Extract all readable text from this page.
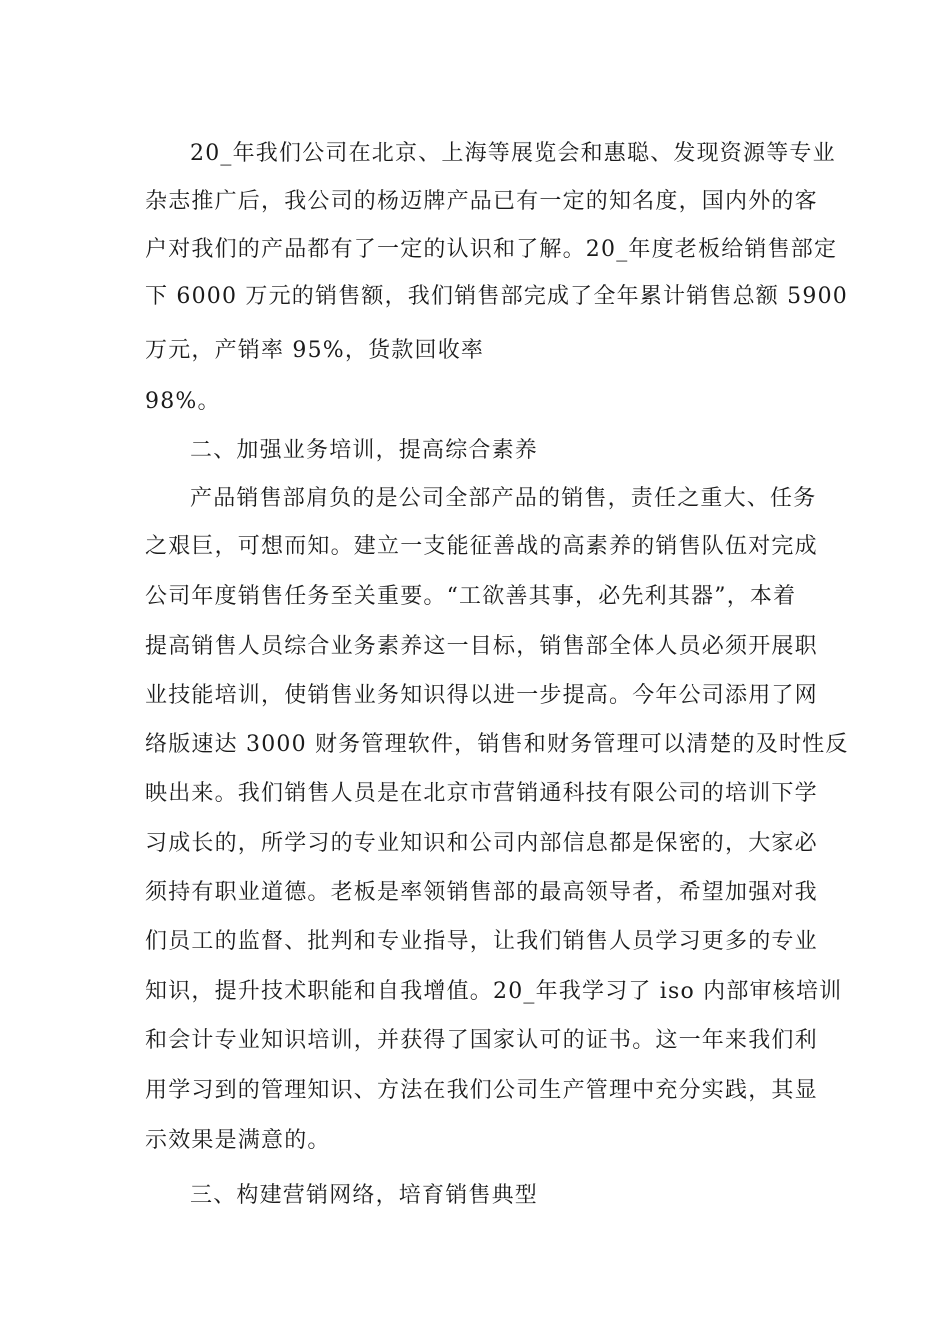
20_年我们公司在北京、上海等展览会和惠聪、发现资源等专业
杂志推广后，我公司的杨迈牌产品已有一定的知名度，国内外的客
户对我们的产品都有了一定的认识和了解。20_年度老板给销售部定
下 6000 万元的销售额，我们销售部完成了全年累计销售总额 5900
万元，产销率 95%，货款回收率
98%。
二、加强业务培训，提高综合素养
产品销售部肩负的是公司全部产品的销售，责任之重大、任务
之艰巨，可想而知。建立一支能征善战的高素养的销售队伍对完成
公司年度销售任务至关重要。“工欲善其事，必先利其器”，本着
提高销售人员综合业务素养这一目标，销售部全体人员必须开展职
业技能培训，使销售业务知识得以进一步提高。今年公司添用了网
络版速达 3000 财务管理软件，销售和财务管理可以清楚的及时性反
映出来。我们销售人员是在北京市营销通科技有限公司的培训下学
习成长的，所学习的专业知识和公司内部信息都是保密的，大家必
须持有职业道德。老板是率领销售部的最高领导者，希望加强对我
们员工的监督、批判和专业指导，让我们销售人员学习更多的专业
知识，提升技术职能和自我增值。20_年我学习了 iso 内部审核培训
和会计专业知识培训，并获得了国家认可的证书。这一年来我们利
用学习到的管理知识、方法在我们公司生产管理中充分实践，其显
示效果是满意的。
三、构建营销网络，培育销售典型
